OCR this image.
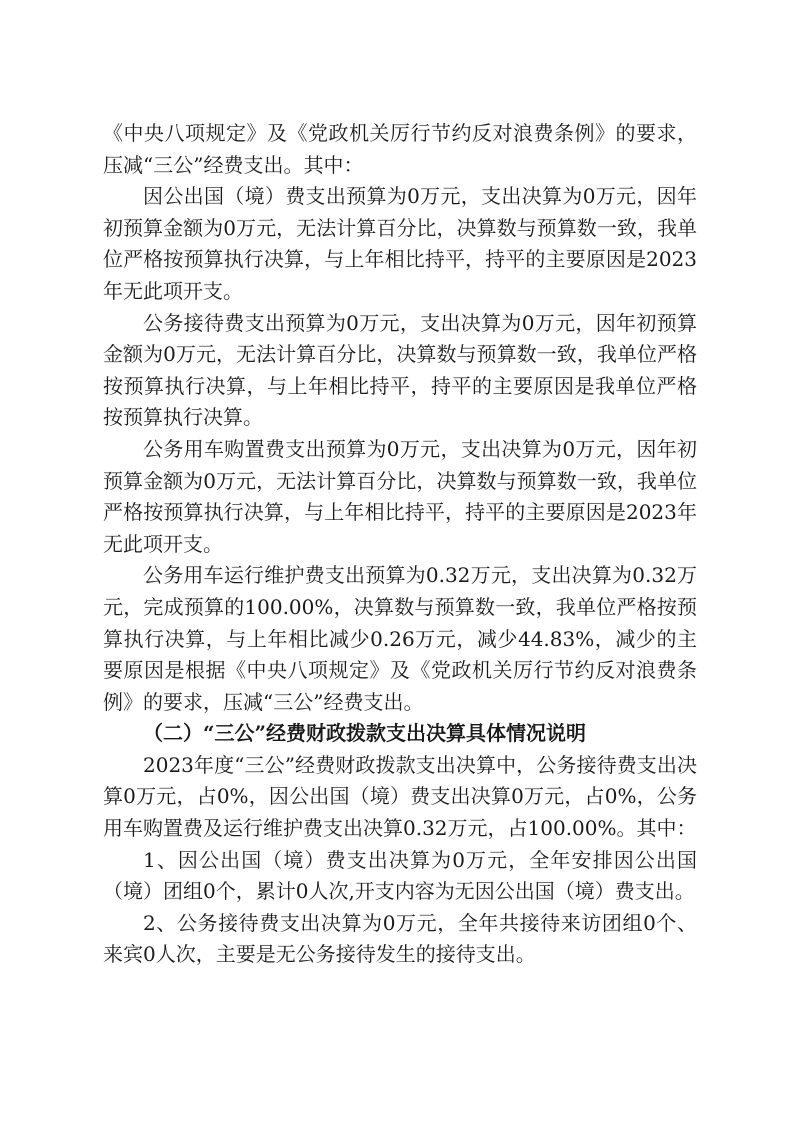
《中央八项规定》及《党政机关厉行节约反对浪费条例》的要求，压减“三公”经费支出。其中：

因公出国（境）费支出预算为0万元，支出决算为0万元，因年初预算金额为0万元，无法计算百分比，决算数与预算数一致，我单位严格按预算执行决算，与上年相比持平，持平的主要原因是2023年无此项开支。

公务接待费支出预算为0万元，支出决算为0万元，因年初预算金额为0万元，无法计算百分比，决算数与预算数一致，我单位严格按预算执行决算，与上年相比持平，持平的主要原因是我单位严格按预算执行决算。

公务用车购置费支出预算为0万元，支出决算为0万元，因年初预算金额为0万元，无法计算百分比，决算数与预算数一致，我单位严格按预算执行决算，与上年相比持平，持平的主要原因是2023年无此项开支。

公务用车运行维护费支出预算为0.32万元，支出决算为0.32万元，完成预算的100.00%，决算数与预算数一致，我单位严格按预算执行决算，与上年相比减少0.26万元，减少44.83%，减少的主要原因是根据《中央八项规定》及《党政机关厉行节约反对浪费条例》的要求，压减“三公”经费支出。

（二）“三公”经费财政拨款支出决算具体情况说明

2023年度“三公”经费财政拨款支出决算中，公务接待费支出决算0万元，占0%，因公出国（境）费支出决算0万元，占0%，公务用车购置费及运行维护费支出决算0.32万元，占100.00%。其中：

1、因公出国（境）费支出决算为0万元，全年安排因公出国（境）团组0个，累计0人次,开支内容为无因公出国（境）费支出。

2、公务接待费支出决算为0万元，全年共接待来访团组0个、来宾0人次，主要是无公务接待发生的接待支出。
